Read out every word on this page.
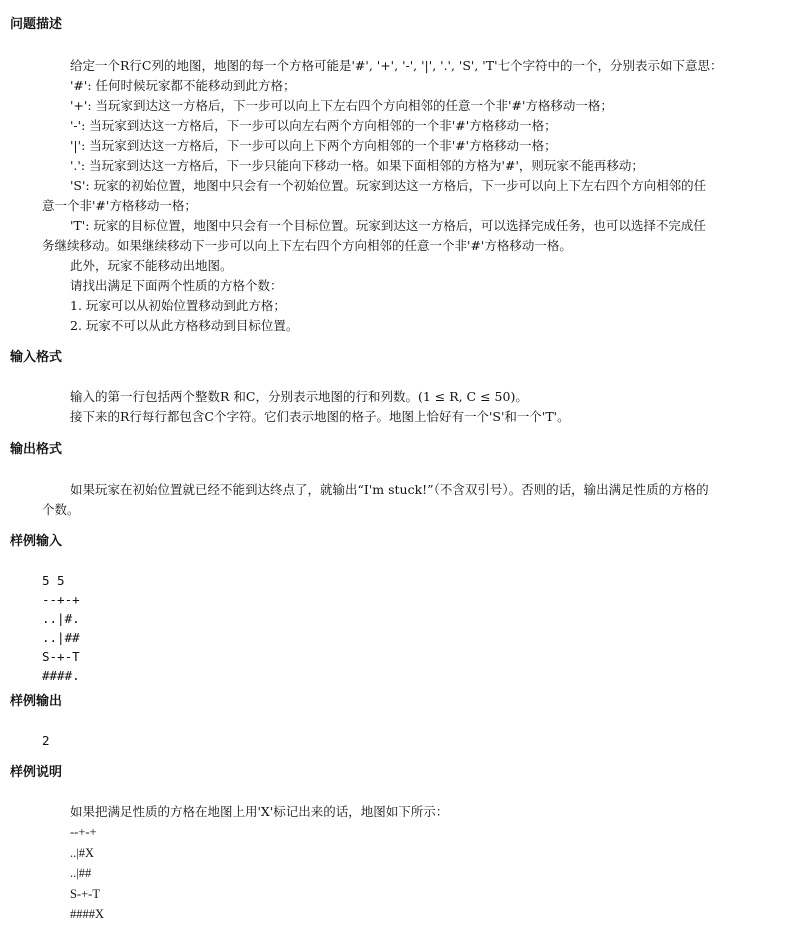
问题描述
给定一个R行C列的地图，地图的每一个方格可能是'#', '+', '-', '|', '.', 'S', 'T'七个字符中的一个，分别表示如下意思：
'#': 任何时候玩家都不能移动到此方格；
'+': 当玩家到达这一方格后，下一步可以向上下左右四个方向相邻的任意一个非'#'方格移动一格；
'-': 当玩家到达这一方格后，下一步可以向左右两个方向相邻的一个非'#'方格移动一格；
'|': 当玩家到达这一方格后，下一步可以向上下两个方向相邻的一个非'#'方格移动一格；
'.': 当玩家到达这一方格后，下一步只能向下移动一格。如果下面相邻的方格为'#'，则玩家不能再移动；
'S': 玩家的初始位置，地图中只会有一个初始位置。玩家到达这一方格后，下一步可以向上下左右四个方向相邻的任
意一个非'#'方格移动一格；
'T': 玩家的目标位置，地图中只会有一个目标位置。玩家到达这一方格后，可以选择完成任务，也可以选择不完成任
务继续移动。如果继续移动下一步可以向上下左右四个方向相邻的任意一个非'#'方格移动一格。
此外，玩家不能移动出地图。
请找出满足下面两个性质的方格个数：
1. 玩家可以从初始位置移动到此方格；
2. 玩家不可以从此方格移动到目标位置。
输入格式
输入的第一行包括两个整数R 和C，分别表示地图的行和列数。(1 ≤ R, C ≤ 50)。
接下来的R行每行都包含C个字符。它们表示地图的格子。地图上恰好有一个'S'和一个'T'。
输出格式
如果玩家在初始位置就已经不能到达终点了，就输出“I'm stuck!”（不含双引号）。否则的话，输出满足性质的方格的
个数。
样例输入
5 5
--+-+
..|#.
..|##
S-+-T
####.
样例输出
2
样例说明
如果把满足性质的方格在地图上用'X'标记出来的话，地图如下所示：
--+-+
..|#X
..|##
S-+-T
####X
